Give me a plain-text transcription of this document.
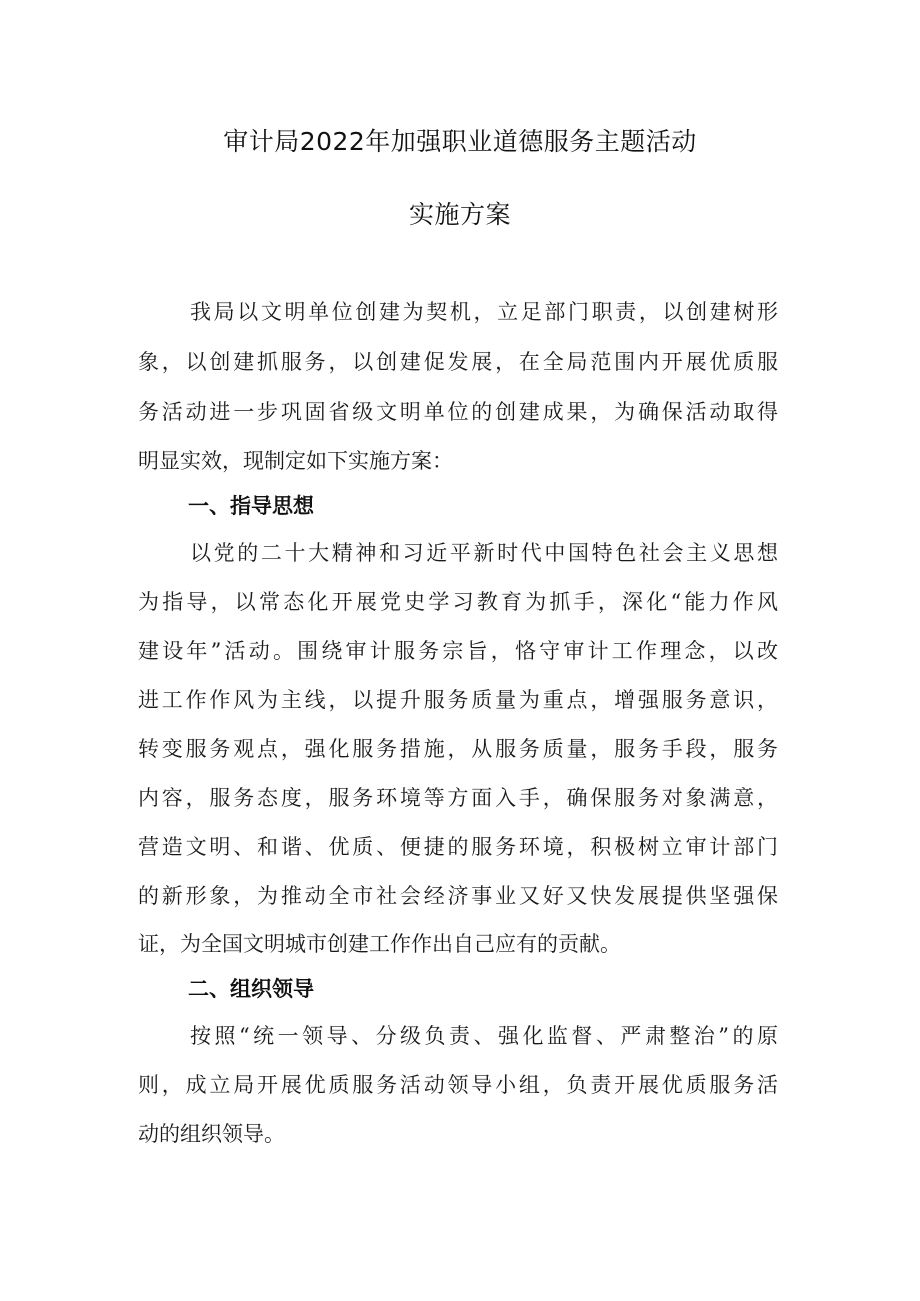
审计局2022年加强职业道德服务主题活动
实施方案
我局以文明单位创建为契机，立足部门职责，以创建树形
象，以创建抓服务，以创建促发展，在全局范围内开展优质服
务活动进一步巩固省级文明单位的创建成果，为确保活动取得
明显实效，现制定如下实施方案：
一、指导思想
以党的二十大精神和习近平新时代中国特色社会主义思想
为指导，以常态化开展党史学习教育为抓手，深化“能力作风
建设年”活动。围绕审计服务宗旨，恪守审计工作理念，以改
进工作作风为主线，以提升服务质量为重点，增强服务意识，
转变服务观点，强化服务措施，从服务质量，服务手段，服务
内容，服务态度，服务环境等方面入手，确保服务对象满意，
营造文明、和谐、优质、便捷的服务环境，积极树立审计部门
的新形象，为推动全市社会经济事业又好又快发展提供坚强保
证，为全国文明城市创建工作作出自己应有的贡献。
二、组织领导
按照“统一领导、分级负责、强化监督、严肃整治”的原
则，成立局开展优质服务活动领导小组，负责开展优质服务活
动的组织领导。
